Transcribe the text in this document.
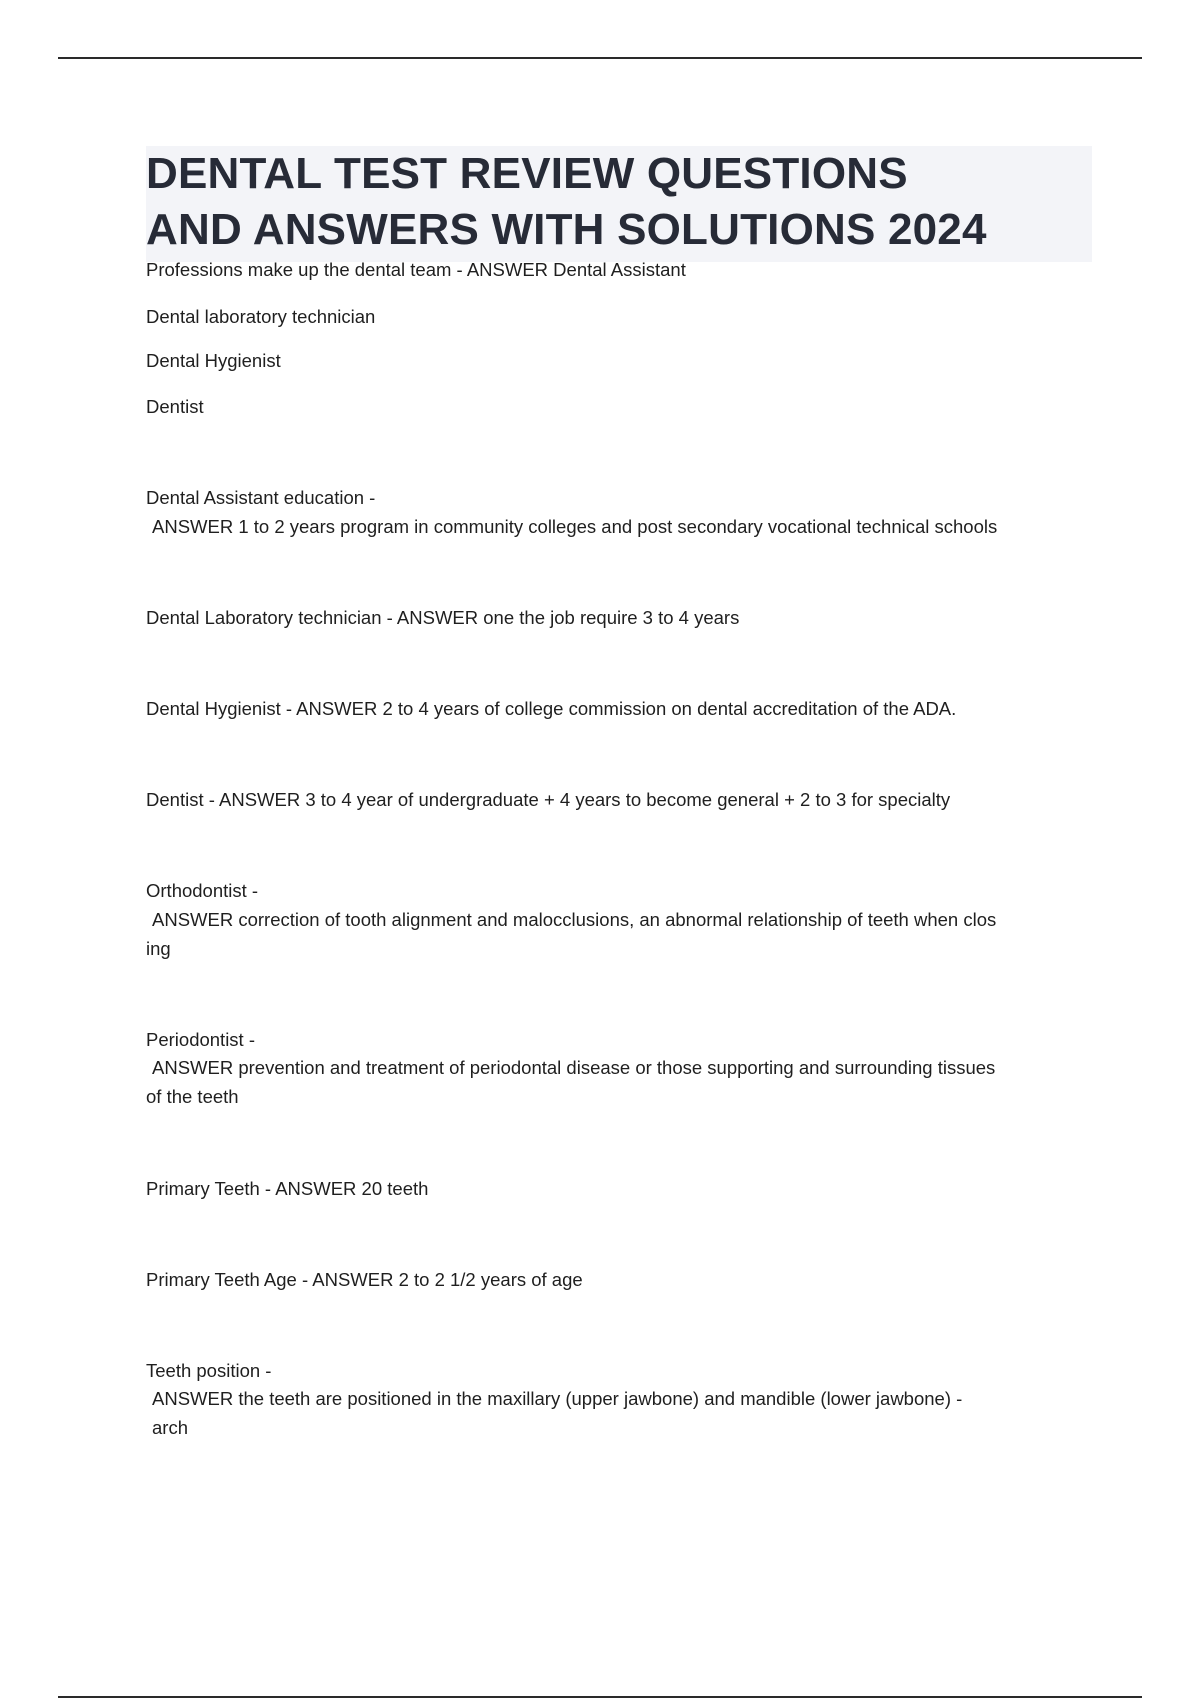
DENTAL TEST REVIEW QUESTIONS
AND ANSWERS WITH SOLUTIONS 2024
Professions make up the dental team - ANSWER Dental Assistant
Dental laboratory technician
Dental Hygienist
Dentist
Dental Assistant education -
ANSWER 1 to 2 years program in community colleges and post secondary vocational technical schools
Dental Laboratory technician - ANSWER one the job require 3 to 4 years
Dental Hygienist - ANSWER 2 to 4 years of college commission on dental accreditation of the ADA.
Dentist - ANSWER 3 to 4 year of undergraduate + 4 years to become general + 2 to 3 for specialty
Orthodontist -
ANSWER correction of tooth alignment and malocclusions, an abnormal relationship of teeth when clos
ing
Periodontist -
ANSWER prevention and treatment of periodontal disease or those supporting and surrounding tissues
of the teeth
Primary Teeth - ANSWER 20 teeth
Primary Teeth Age - ANSWER 2 to 2 1/2 years of age
Teeth position -
ANSWER the teeth are positioned in the maxillary (upper jawbone) and mandible (lower jawbone) -
arch
